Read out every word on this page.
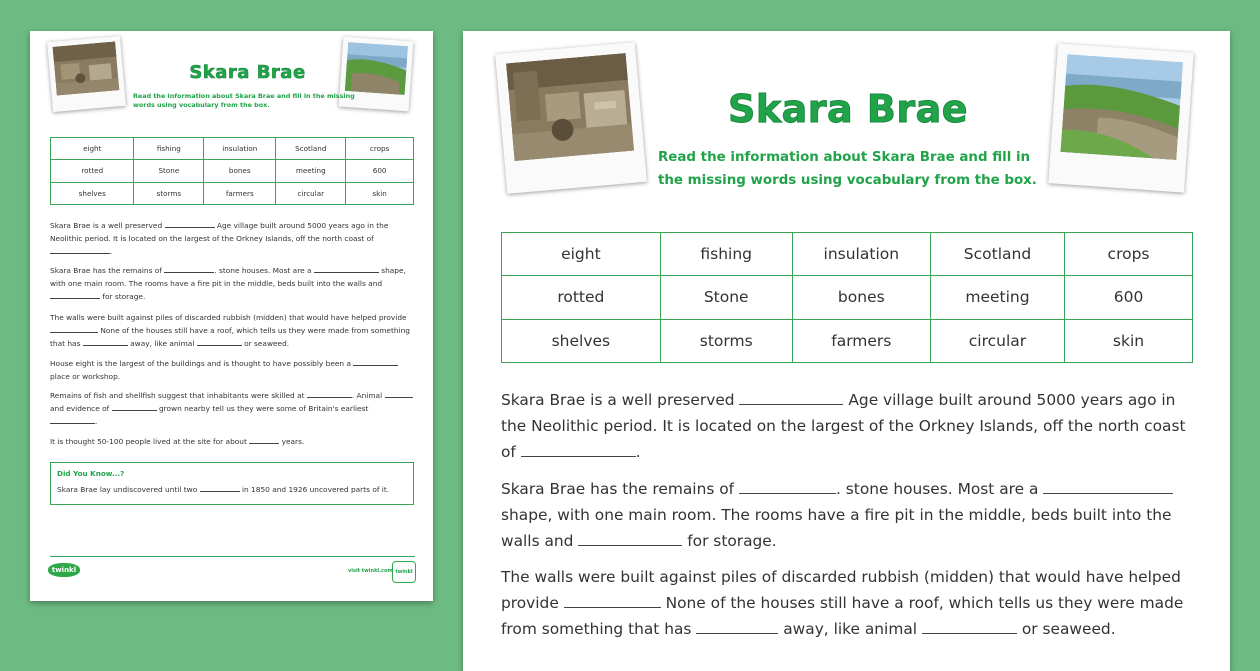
Skara Brae
Read the information about Skara Brae and fill in the missing words using vocabulary from the box.
eight	fishing	insulation	Scotland	crops
rotted	Stone	bones	meeting	600
shelves	storms	farmers	circular	skin
Skara Brae is a well preserved	Age village built around 5000 years ago in the Neolithic period. It is located on the largest of the Orkney Islands, off the north coast of .
Skara Brae has the remains of	. stone houses. Most are a	shape, with one main room. The rooms have a fire pit in the middle, beds built into the walls and  for storage.
The walls were built against piles of discarded rubbish (midden) that would have helped provide  None of the houses still have a roof, which tells us they were made from something that has	away, like animal	or seaweed.
House eight is the largest of the buildings and is thought to have possibly been a  place or workshop.
Remains of fish and shellfish suggest that inhabitants were skilled at	. Animal  and evidence of	grown nearby tell us they were some of Britain's earliest .
It is thought 50-100 people lived at the site for about	years.
Did You Know...?
Skara Brae lay undiscovered until two	in 1850 and 1926 uncovered parts of it.
twinkl	visit twinkl.com twinkl
Skara Brae
Read the information about Skara Brae and fill in the missing words using vocabulary from the box.
eight	fishing	insulation	Scotland	crops
rotted	Stone	bones	meeting	600
shelves	storms	farmers	circular	skin
Skara Brae is a well preserved	Age village built around 5000 years ago in the Neolithic period. It is located on the largest of the Orkney Islands, off the north coast of	.
Skara Brae has the remains of	. stone houses. Most are a  shape, with one main room. The rooms have a fire pit in the middle, beds built into the walls and	for storage.
The walls were built against piles of discarded rubbish (midden) that would have helped provide	None of the houses still have a roof, which tells us they were made from something that has	away, like animal	or seaweed.
